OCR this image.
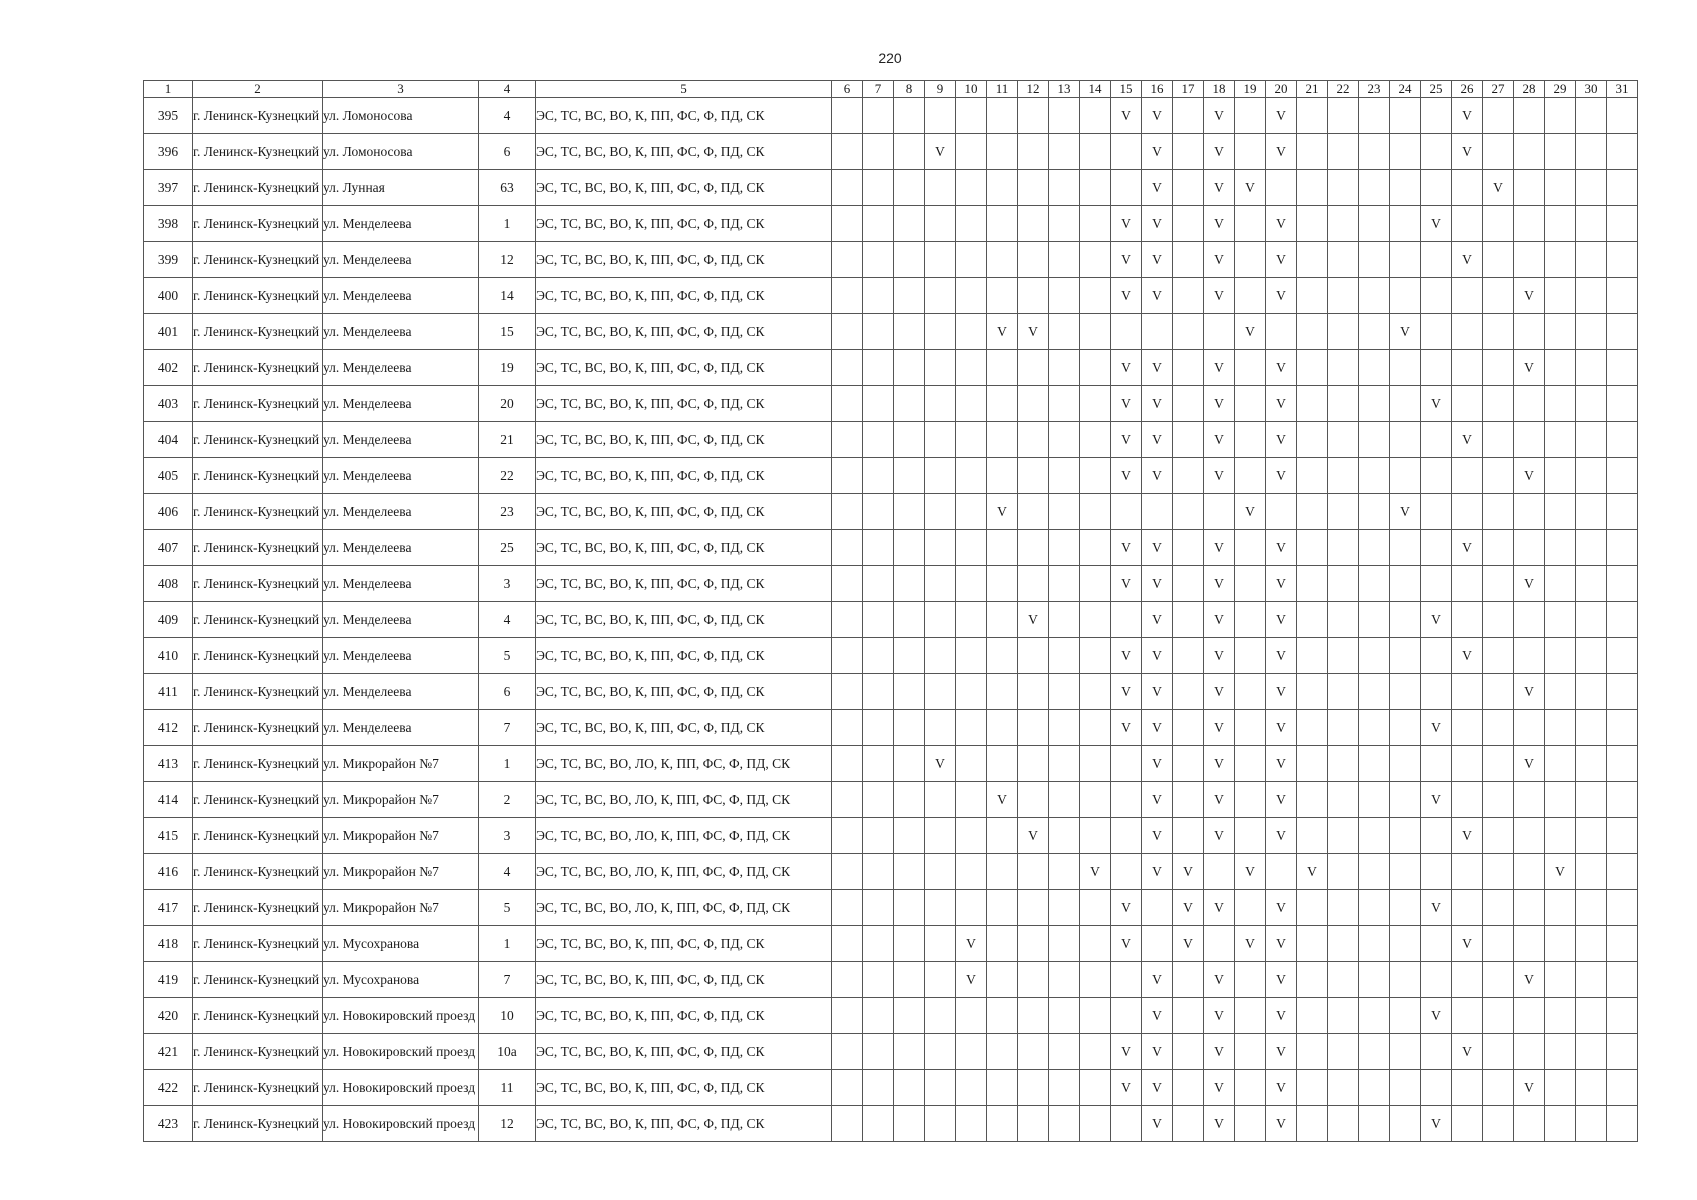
220
1	2	3	4	5	6	7	8	9	10	11	12	13	14	15	16	17	18	19	20	21	22	23	24	25	26	27	28	29	30	31
395	г. Ленинск-Кузнецкий	ул. Ломоносова	4	ЭС, ТС, ВС, ВО, К, ПП, ФС, Ф, ПД, СК										V	V		V		V						V					
396	г. Ленинск-Кузнецкий	ул. Ломоносова	6	ЭС, ТС, ВС, ВО, К, ПП, ФС, Ф, ПД, СК				V							V		V		V						V					
397	г. Ленинск-Кузнецкий	ул. Лунная	63	ЭС, ТС, ВС, ВО, К, ПП, ФС, Ф, ПД, СК											V		V	V								V				
398	г. Ленинск-Кузнецкий	ул. Менделеева	1	ЭС, ТС, ВС, ВО, К, ПП, ФС, Ф, ПД, СК										V	V		V		V					V						
399	г. Ленинск-Кузнецкий	ул. Менделеева	12	ЭС, ТС, ВС, ВО, К, ПП, ФС, Ф, ПД, СК										V	V		V		V						V					
400	г. Ленинск-Кузнецкий	ул. Менделеева	14	ЭС, ТС, ВС, ВО, К, ПП, ФС, Ф, ПД, СК										V	V		V		V								V			
401	г. Ленинск-Кузнецкий	ул. Менделеева	15	ЭС, ТС, ВС, ВО, К, ПП, ФС, Ф, ПД, СК						V	V							V					V							
402	г. Ленинск-Кузнецкий	ул. Менделеева	19	ЭС, ТС, ВС, ВО, К, ПП, ФС, Ф, ПД, СК										V	V		V		V								V			
403	г. Ленинск-Кузнецкий	ул. Менделеева	20	ЭС, ТС, ВС, ВО, К, ПП, ФС, Ф, ПД, СК										V	V		V		V					V						
404	г. Ленинск-Кузнецкий	ул. Менделеева	21	ЭС, ТС, ВС, ВО, К, ПП, ФС, Ф, ПД, СК										V	V		V		V						V					
405	г. Ленинск-Кузнецкий	ул. Менделеева	22	ЭС, ТС, ВС, ВО, К, ПП, ФС, Ф, ПД, СК										V	V		V		V								V			
406	г. Ленинск-Кузнецкий	ул. Менделеева	23	ЭС, ТС, ВС, ВО, К, ПП, ФС, Ф, ПД, СК						V								V					V							
407	г. Ленинск-Кузнецкий	ул. Менделеева	25	ЭС, ТС, ВС, ВО, К, ПП, ФС, Ф, ПД, СК										V	V		V		V						V					
408	г. Ленинск-Кузнецкий	ул. Менделеева	3	ЭС, ТС, ВС, ВО, К, ПП, ФС, Ф, ПД, СК										V	V		V		V								V			
409	г. Ленинск-Кузнецкий	ул. Менделеева	4	ЭС, ТС, ВС, ВО, К, ПП, ФС, Ф, ПД, СК							V				V		V		V					V						
410	г. Ленинск-Кузнецкий	ул. Менделеева	5	ЭС, ТС, ВС, ВО, К, ПП, ФС, Ф, ПД, СК										V	V		V		V						V					
411	г. Ленинск-Кузнецкий	ул. Менделеева	6	ЭС, ТС, ВС, ВО, К, ПП, ФС, Ф, ПД, СК										V	V		V		V								V			
412	г. Ленинск-Кузнецкий	ул. Менделеева	7	ЭС, ТС, ВС, ВО, К, ПП, ФС, Ф, ПД, СК										V	V		V		V					V						
413	г. Ленинск-Кузнецкий	ул. Микрорайон №7	1	ЭС, ТС, ВС, ВО, ЛО, К, ПП, ФС, Ф, ПД, СК				V							V		V		V								V			
414	г. Ленинск-Кузнецкий	ул. Микрорайон №7	2	ЭС, ТС, ВС, ВО, ЛО, К, ПП, ФС, Ф, ПД, СК						V					V		V		V					V						
415	г. Ленинск-Кузнецкий	ул. Микрорайон №7	3	ЭС, ТС, ВС, ВО, ЛО, К, ПП, ФС, Ф, ПД, СК							V				V		V		V						V					
416	г. Ленинск-Кузнецкий	ул. Микрорайон №7	4	ЭС, ТС, ВС, ВО, ЛО, К, ПП, ФС, Ф, ПД, СК									V		V	V		V		V								V		
417	г. Ленинск-Кузнецкий	ул. Микрорайон №7	5	ЭС, ТС, ВС, ВО, ЛО, К, ПП, ФС, Ф, ПД, СК										V		V	V		V					V						
418	г. Ленинск-Кузнецкий	ул. Мусохранова	1	ЭС, ТС, ВС, ВО, К, ПП, ФС, Ф, ПД, СК					V					V		V		V	V						V					
419	г. Ленинск-Кузнецкий	ул. Мусохранова	7	ЭС, ТС, ВС, ВО, К, ПП, ФС, Ф, ПД, СК					V						V		V		V								V			
420	г. Ленинск-Кузнецкий	ул. Новокировский проезд	10	ЭС, ТС, ВС, ВО, К, ПП, ФС, Ф, ПД, СК											V		V		V					V						
421	г. Ленинск-Кузнецкий	ул. Новокировский проезд	10а	ЭС, ТС, ВС, ВО, К, ПП, ФС, Ф, ПД, СК										V	V		V		V						V					
422	г. Ленинск-Кузнецкий	ул. Новокировский проезд	11	ЭС, ТС, ВС, ВО, К, ПП, ФС, Ф, ПД, СК										V	V		V		V								V			
423	г. Ленинск-Кузнецкий	ул. Новокировский проезд	12	ЭС, ТС, ВС, ВО, К, ПП, ФС, Ф, ПД, СК											V		V		V					V						
